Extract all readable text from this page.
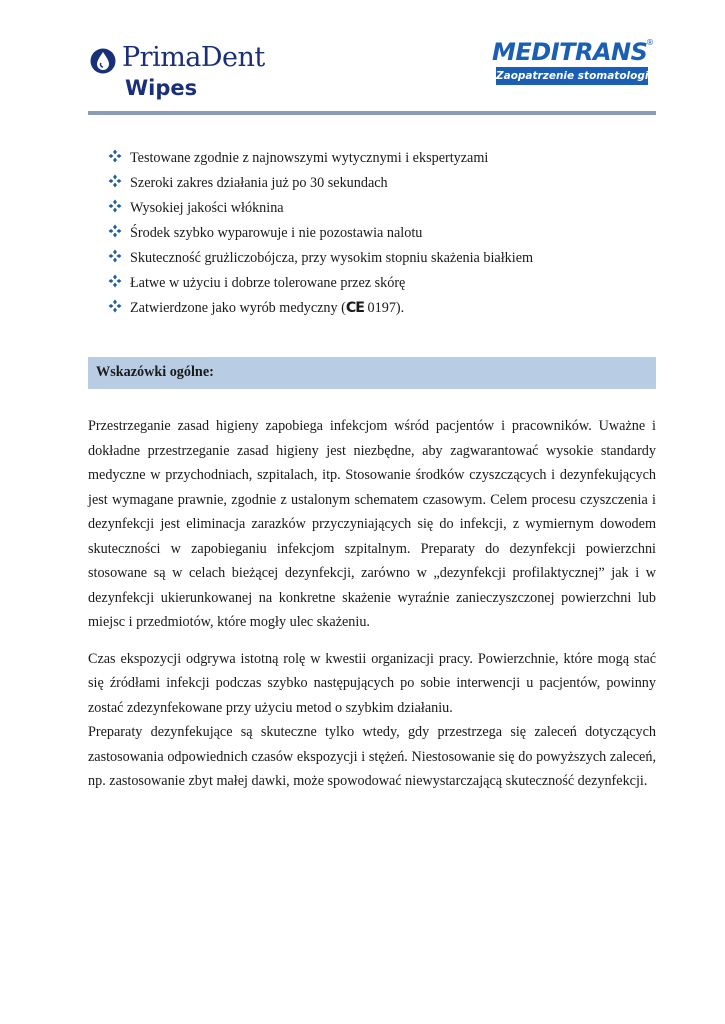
PrimaDent
Wipes
MEDITRANS
®
Zaopatrzenie stomatologiczne
Testowane zgodnie z najnowszymi wytycznymi i ekspertyzami
Szeroki zakres działania już po 30 sekundach
Wysokiej jakości włóknina
Środek szybko wyparowuje i nie pozostawia nalotu
Skuteczność grużliczobójcza, przy wysokim stopniu skażenia białkiem
Łatwe w użyciu i dobrze tolerowane przez skórę
Zatwierdzone jako wyrób medyczny (CE 0197).
Wskazówki ogólne:

Przestrzeganie zasad higieny zapobiega infekcjom wśród pacjentów i pracowników. Uważne i dokładne przestrzeganie zasad higieny jest niezbędne, aby zagwarantować wysokie standardy medyczne w przychodniach, szpitalach, itp. Stosowanie środków czyszczących i dezynfekujących jest wymagane prawnie, zgodnie z ustalonym schematem czasowym. Celem procesu czyszczenia i dezynfekcji jest eliminacja zarazków przyczyniających się do infekcji, z wymiernym dowodem skuteczności w zapobieganiu infekcjom szpitalnym. Preparaty do dezynfekcji powierzchni stosowane są w celach bieżącej dezynfekcji, zarówno w „dezynfekcji profilaktycznej” jak i w dezynfekcji ukierunkowanej na konkretne skażenie wyraźnie zanieczyszczonej powierzchni lub miejsc i przedmiotów, które mogły ulec skażeniu.

Czas ekspozycji odgrywa istotną rolę w kwestii organizacji pracy. Powierzchnie, które mogą stać się źródłami infekcji podczas szybko następujących po sobie interwencji u pacjentów, powinny zostać zdezynfekowane przy użyciu metod o szybkim działaniu.

Preparaty dezynfekujące są skuteczne tylko wtedy, gdy przestrzega się zaleceń dotyczących zastosowania odpowiednich czasów ekspozycji i stężeń. Niestosowanie się do powyższych zaleceń, np. zastosowanie zbyt małej dawki, może spowodować niewystarczającą skuteczność dezynfekcji.
